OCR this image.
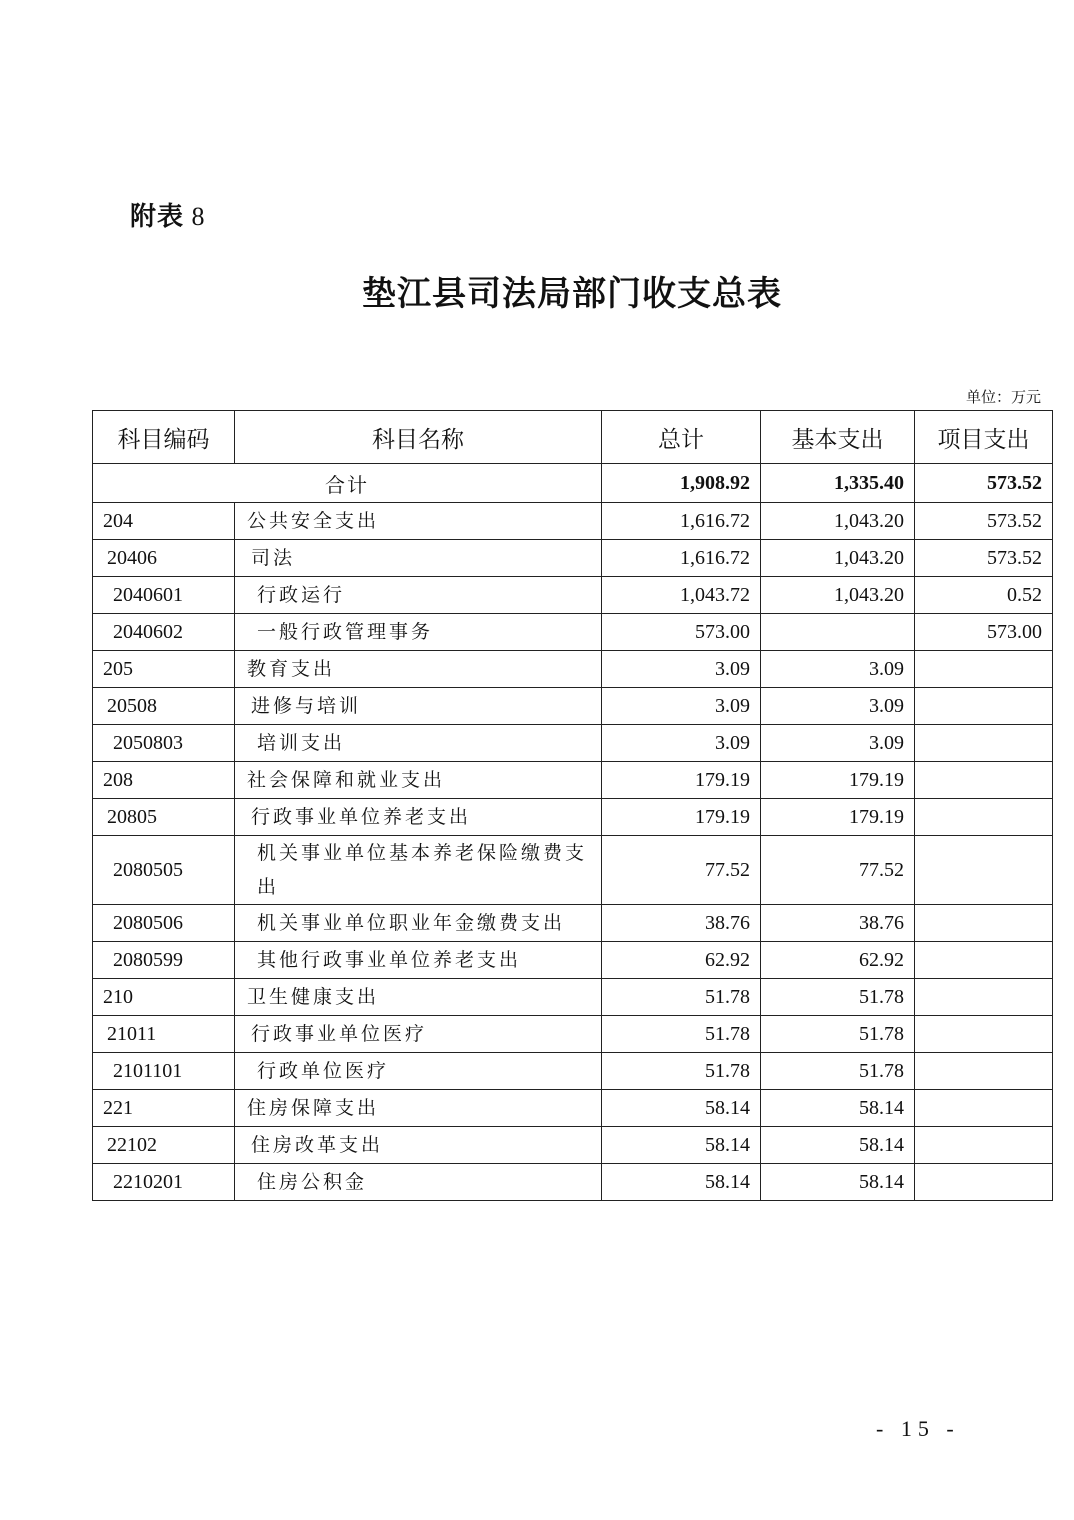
附表 8
垫江县司法局部门收支总表
单位：万元
科目编码	科目名称	总计	基本支出	项目支出
合计		1,908.92	1,335.40	573.52
204	公共安全支出	1,616.72	1,043.20	573.52
20406	司法	1,616.72	1,043.20	573.52
2040601	行政运行	1,043.72	1,043.20	0.52
2040602	一般行政管理事务	573.00		573.00
205	教育支出	3.09	3.09	
20508	进修与培训	3.09	3.09	
2050803	培训支出	3.09	3.09	
208	社会保障和就业支出	179.19	179.19	
20805	行政事业单位养老支出	179.19	179.19	
2080505	机关事业单位基本养老保险缴费支出	77.52	77.52	
2080506	机关事业单位职业年金缴费支出	38.76	38.76	
2080599	其他行政事业单位养老支出	62.92	62.92	
210	卫生健康支出	51.78	51.78	
21011	行政事业单位医疗	51.78	51.78	
2101101	行政单位医疗	51.78	51.78	
221	住房保障支出	58.14	58.14	
22102	住房改革支出	58.14	58.14	
2210201	住房公积金	58.14	58.14	
- 15 -
